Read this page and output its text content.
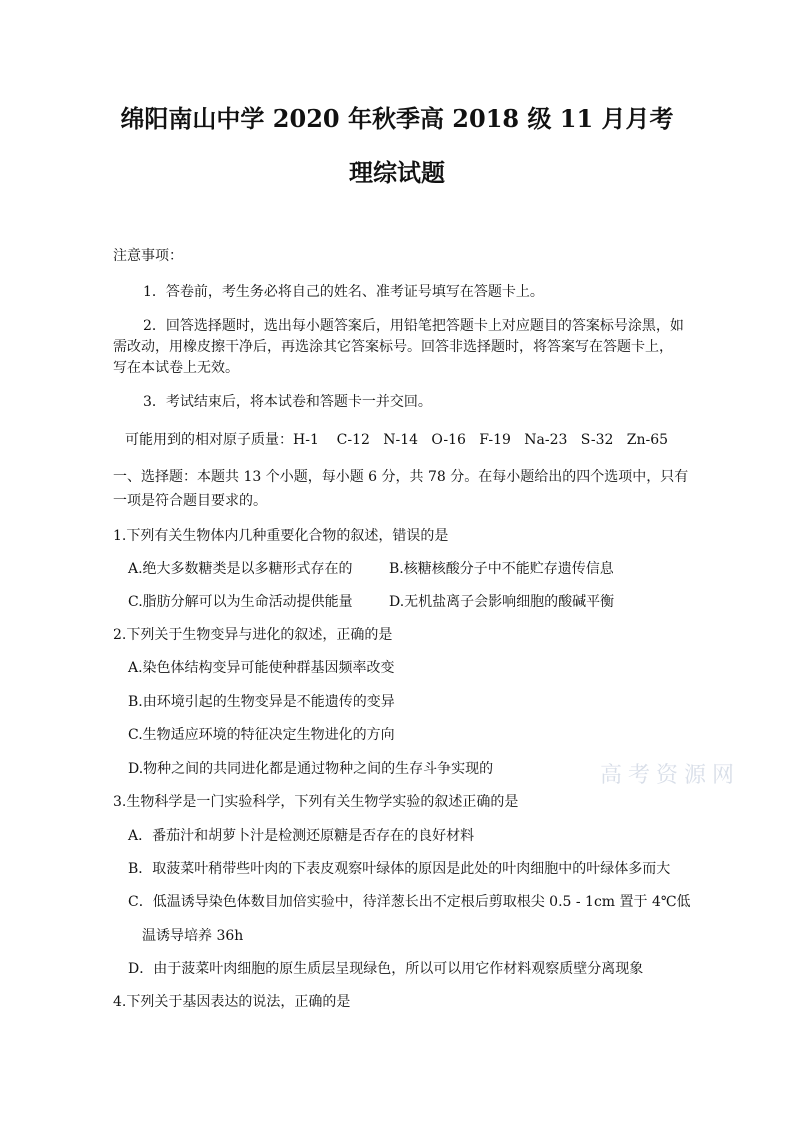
绵阳南山中学 2020 年秋季高 2018 级 11 月月考
理综试题
注意事项：
1．答卷前，考生务必将自己的姓名、准考证号填写在答题卡上。
2．回答选择题时，选出每小题答案后，用铅笔把答题卡上对应题目的答案标号涂黑，如
需改动，用橡皮擦干净后，再选涂其它答案标号。回答非选择题时，将答案写在答题卡上，
写在本试卷上无效。
3．考试结束后，将本试卷和答题卡一并交回。
可能用到的相对原子质量：H-1    C-12   N-14   O-16   F-19   Na-23   S-32   Zn-65
一、选择题：本题共 13 个小题，每小题 6 分，共 78 分。在每小题给出的四个选项中，只有
一项是符合题目要求的。
1.下列有关生物体内几种重要化合物的叙述，错误的是
A.绝大多数糖类是以多糖形式存在的	B.核糖核酸分子中不能贮存遗传信息
C.脂肪分解可以为生命活动提供能量	D.无机盐离子会影响细胞的酸碱平衡
2.下列关于生物变异与进化的叙述，正确的是
A.染色体结构变异可能使种群基因频率改变
B.由环境引起的生物变异是不能遗传的变异
C.生物适应环境的特征决定生物进化的方向
D.物种之间的共同进化都是通过物种之间的生存斗争实现的
3.生物科学是一门实验科学，下列有关生物学实验的叙述正确的是
A．番茄汁和胡萝卜汁是检测还原糖是否存在的良好材料
B．取菠菜叶稍带些叶肉的下表皮观察叶绿体的原因是此处的叶肉细胞中的叶绿体多而大
C．低温诱导染色体数目加倍实验中，待洋葱长出不定根后剪取根尖 0.5 - 1cm 置于 4℃低
温诱导培养 36h
D．由于菠菜叶肉细胞的原生质层呈现绿色，所以可以用它作材料观察质壁分离现象
4.下列关于基因表达的说法，正确的是
高考资源网
